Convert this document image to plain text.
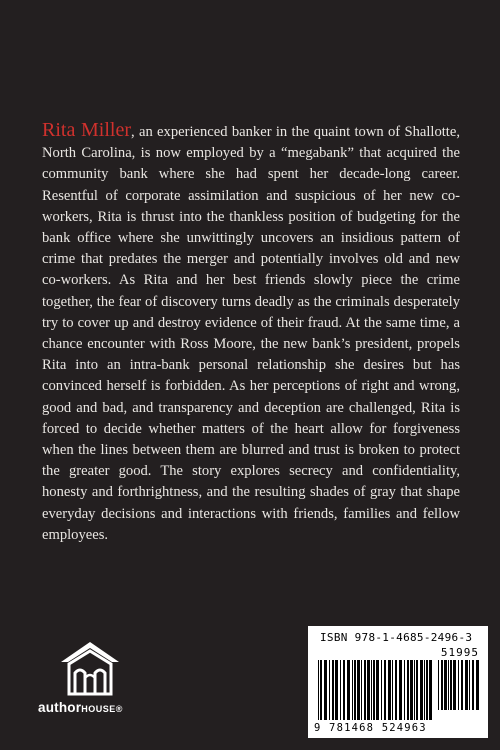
Rita Miller, an experienced banker in the quaint town of Shallotte, North Carolina, is now employed by a “megabank” that acquired the community bank where she had spent her decade-long career. Resentful of corporate assimilation and suspicious of her new co-workers, Rita is thrust into the thankless position of budgeting for the bank office where she unwittingly uncovers an insidious pattern of crime that predates the merger and potentially involves old and new co-workers. As Rita and her best friends slowly piece the crime together, the fear of discovery turns deadly as the criminals desperately try to cover up and destroy evidence of their fraud. At the same time, a chance encounter with Ross Moore, the new bank’s president, propels Rita into an intra-bank personal relationship she desires but has convinced herself is forbidden. As her perceptions of right and wrong, good and bad, and transparency and deception are challenged, Rita is forced to decide whether matters of the heart allow for forgiveness when the lines between them are blurred and trust is broken to protect the greater good. The story explores secrecy and confidentiality, honesty and forthrightness, and the resulting shades of gray that shape everyday decisions and interactions with friends, families and fellow employees.

authorHOUSE®
ISBN 978-1-4685-2496-3
51995
9 781468 524963
